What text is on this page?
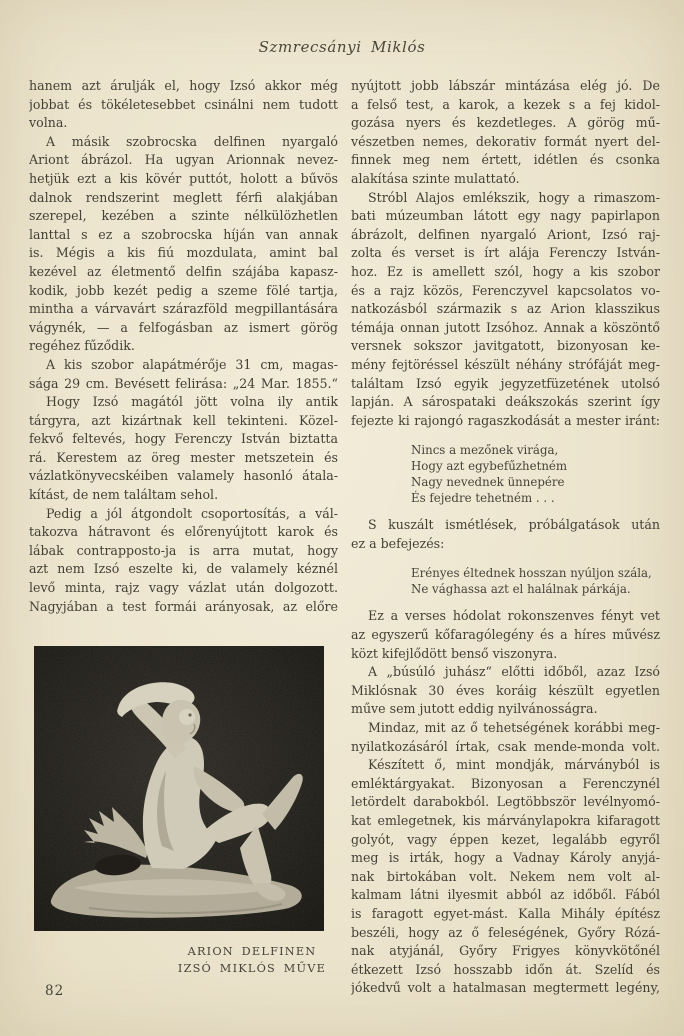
Szmrecsányi Miklós
hanem azt árulják el, hogy Izsó akkor még
jobbat és tökéletesebbet csinálni nem tudott
volna.
A másik szobrocska delfinen nyargaló
Ariont ábrázol. Ha ugyan Arionnak nevez-
hetjük ezt a kis kövér puttót, holott a bűvös
dalnok rendszerint meglett férfi alakjában
szerepel, kezében a szinte nélkülözhetlen
lanttal s ez a szobrocska híján van annak
is. Mégis a kis fiú mozdulata, amint bal
kezével az életmentő delfin szájába kapasz-
kodik, jobb kezét pedig a szeme fölé tartja,
mintha a várvavárt szárazföld megpillantására
vágynék, — a felfogásban az ismert görög
regéhez fűződik.
A kis szobor alapátmérője 31 cm, magas-
sága 29 cm. Bevésett felirása: „24 Mar. 1855.“
Hogy Izsó magától jött volna ily antik
tárgyra, azt kizártnak kell tekinteni. Közel-
fekvő feltevés, hogy Ferenczy István biztatta
rá. Kerestem az öreg mester metszetein és
vázlatkönyvecskéiben valamely hasonló átala-
kítást, de nem találtam sehol.
Pedig a jól átgondolt csoportosítás, a vál-
takozva hátravont és előrenyújtott karok és
lábak contrapposto-ja is arra mutat, hogy
azt nem Izsó eszelte ki, de valamely kéznél
levő minta, rajz vagy vázlat után dolgozott.
Nagyjában a test formái arányosak, az előre
ARION DELFINEN
IZSÓ MIKLÓS MŰVE
nyújtott jobb lábszár mintázása elég jó. De
a felső test, a karok, a kezek s a fej kidol-
gozása nyers és kezdetleges. A görög mű-
vészetben nemes, dekorativ formát nyert del-
finnek meg nem értett, idétlen és csonka
alakítása szinte mulattató.
Stróbl Alajos emlékszik, hogy a rimaszom-
bati múzeumban látott egy nagy papirlapon
ábrázolt, delfinen nyargaló Ariont, Izsó raj-
zolta és verset is írt alája Ferenczy István-
hoz. Ez is amellett szól, hogy a kis szobor
és a rajz közös, Ferenczyvel kapcsolatos vo-
natkozásból származik s az Arion klasszikus
témája onnan jutott Izsóhoz. Annak a köszöntő
versnek sokszor javitgatott, bizonyosan ke-
mény fejtöréssel készült néhány strófáját meg-
találtam Izsó egyik jegyzetfüzetének utolsó
lapján. A sárospataki deákszokás szerint így
fejezte ki rajongó ragaszkodását a mester iránt:
Nincs a mezőnek virága,
Hogy azt egybefűzhetném
Nagy nevednek ünnepére
És fejedre tehetném . . .
S kuszált ismétlések, próbálgatások után
ez a befejezés:
Erényes éltednek hosszan nyúljon szála,
Ne vághassa azt el halálnak párkája.
Ez a verses hódolat rokonszenves fényt vet
az egyszerű kőfaragólegény és a híres művész
közt kifejlődött benső viszonyra.
A „búsúló juhász“ előtti időből, azaz Izsó
Miklósnak 30 éves koráig készült egyetlen
műve sem jutott eddig nyilvánosságra.
Mindaz, mit az ő tehetségének korábbi meg-
nyilatkozásáról írtak, csak mende-monda volt.
Készített ő, mint mondják, márványból is
emléktárgyakat. Bizonyosan a Ferenczynél
letördelt darabokból. Legtöbbször levélnyomó-
kat emlegetnek, kis márványlapokra kifaragott
golyót, vagy éppen kezet, legalább egyről
meg is irták, hogy a Vadnay Károly anyjá-
nak birtokában volt. Nekem nem volt al-
kalmam látni ilyesmit abból az időből. Fából
is faragott egyet-mást. Kalla Mihály építész
beszéli, hogy az ő feleségének, Győry Rózá-
nak atyjánál, Győry Frigyes könyvkötőnél
étkezett Izsó hosszabb időn át. Szelíd és
jókedvű volt a hatalmasan megtermett legény,
82
